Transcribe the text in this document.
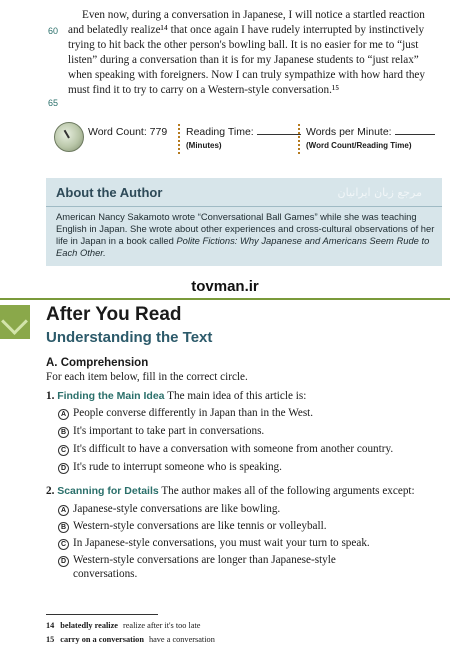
60
65

Even now, during a conversation in Japanese, I will notice a startled reaction and belatedly realize¹⁴ that once again I have rudely interrupted by instinctively trying to hit back the other person's bowling ball. It is no easier for me to “just listen” during a conversation than it is for my Japanese students to “just relax” when speaking with foreigners. Now I can truly sympathize with how hard they must find it to try to carry on a Western-style conversation.¹⁵

Word Count: 779 Reading Time:
(Minutes)
Words per Minute:
(Word Count/Reading Time)
About the Author	مرجع زبان ایرانیان
American Nancy Sakamoto wrote “Conversational Ball Games” while she was teaching English in Japan. She wrote about other experiences and cross-cultural observations of her life in Japan in a book called Polite Fictions: Why Japanese and Americans Seem Rude to Each Other.
tovman.ir
After You Read
Understanding the Text
A. Comprehension
For each item below, fill in the correct circle.
1. Finding the Main Idea The main idea of this article is:
A People converse differently in Japan than in the West.
B It's important to take part in conversations.
C It's difficult to have a conversation with someone from another country.
D It's rude to interrupt someone who is speaking.
2. Scanning for Details The author makes all of the following arguments except:
A Japanese-style conversations are like bowling.
B Western-style conversations are like tennis or volleyball.
C In Japanese-style conversations, you must wait your turn to speak.
D Western-style conversations are longer than Japanese-style
conversations.
14 belatedly realize realize after it's too late
15 carry on a conversation have a conversation
